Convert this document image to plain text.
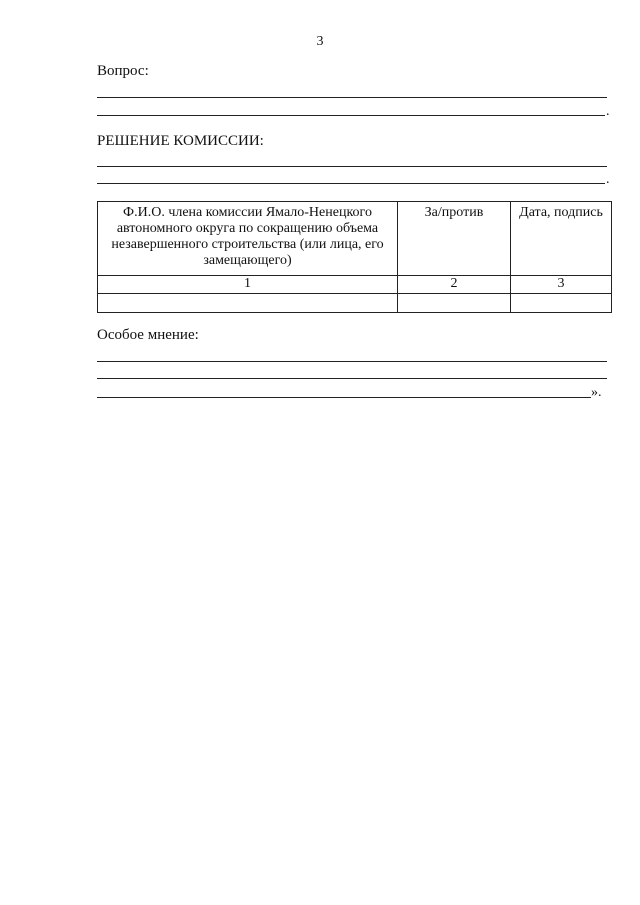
3
Вопрос:
.
РЕШЕНИЕ КОМИССИИ:
.
Ф.И.О. члена комиссии Ямало-Ненецкого автономного округа по сокращению объема незавершенного строительства (или лица, его замещающего)	За/против	Дата, подпись
1	2	3

Особое мнение:
».
